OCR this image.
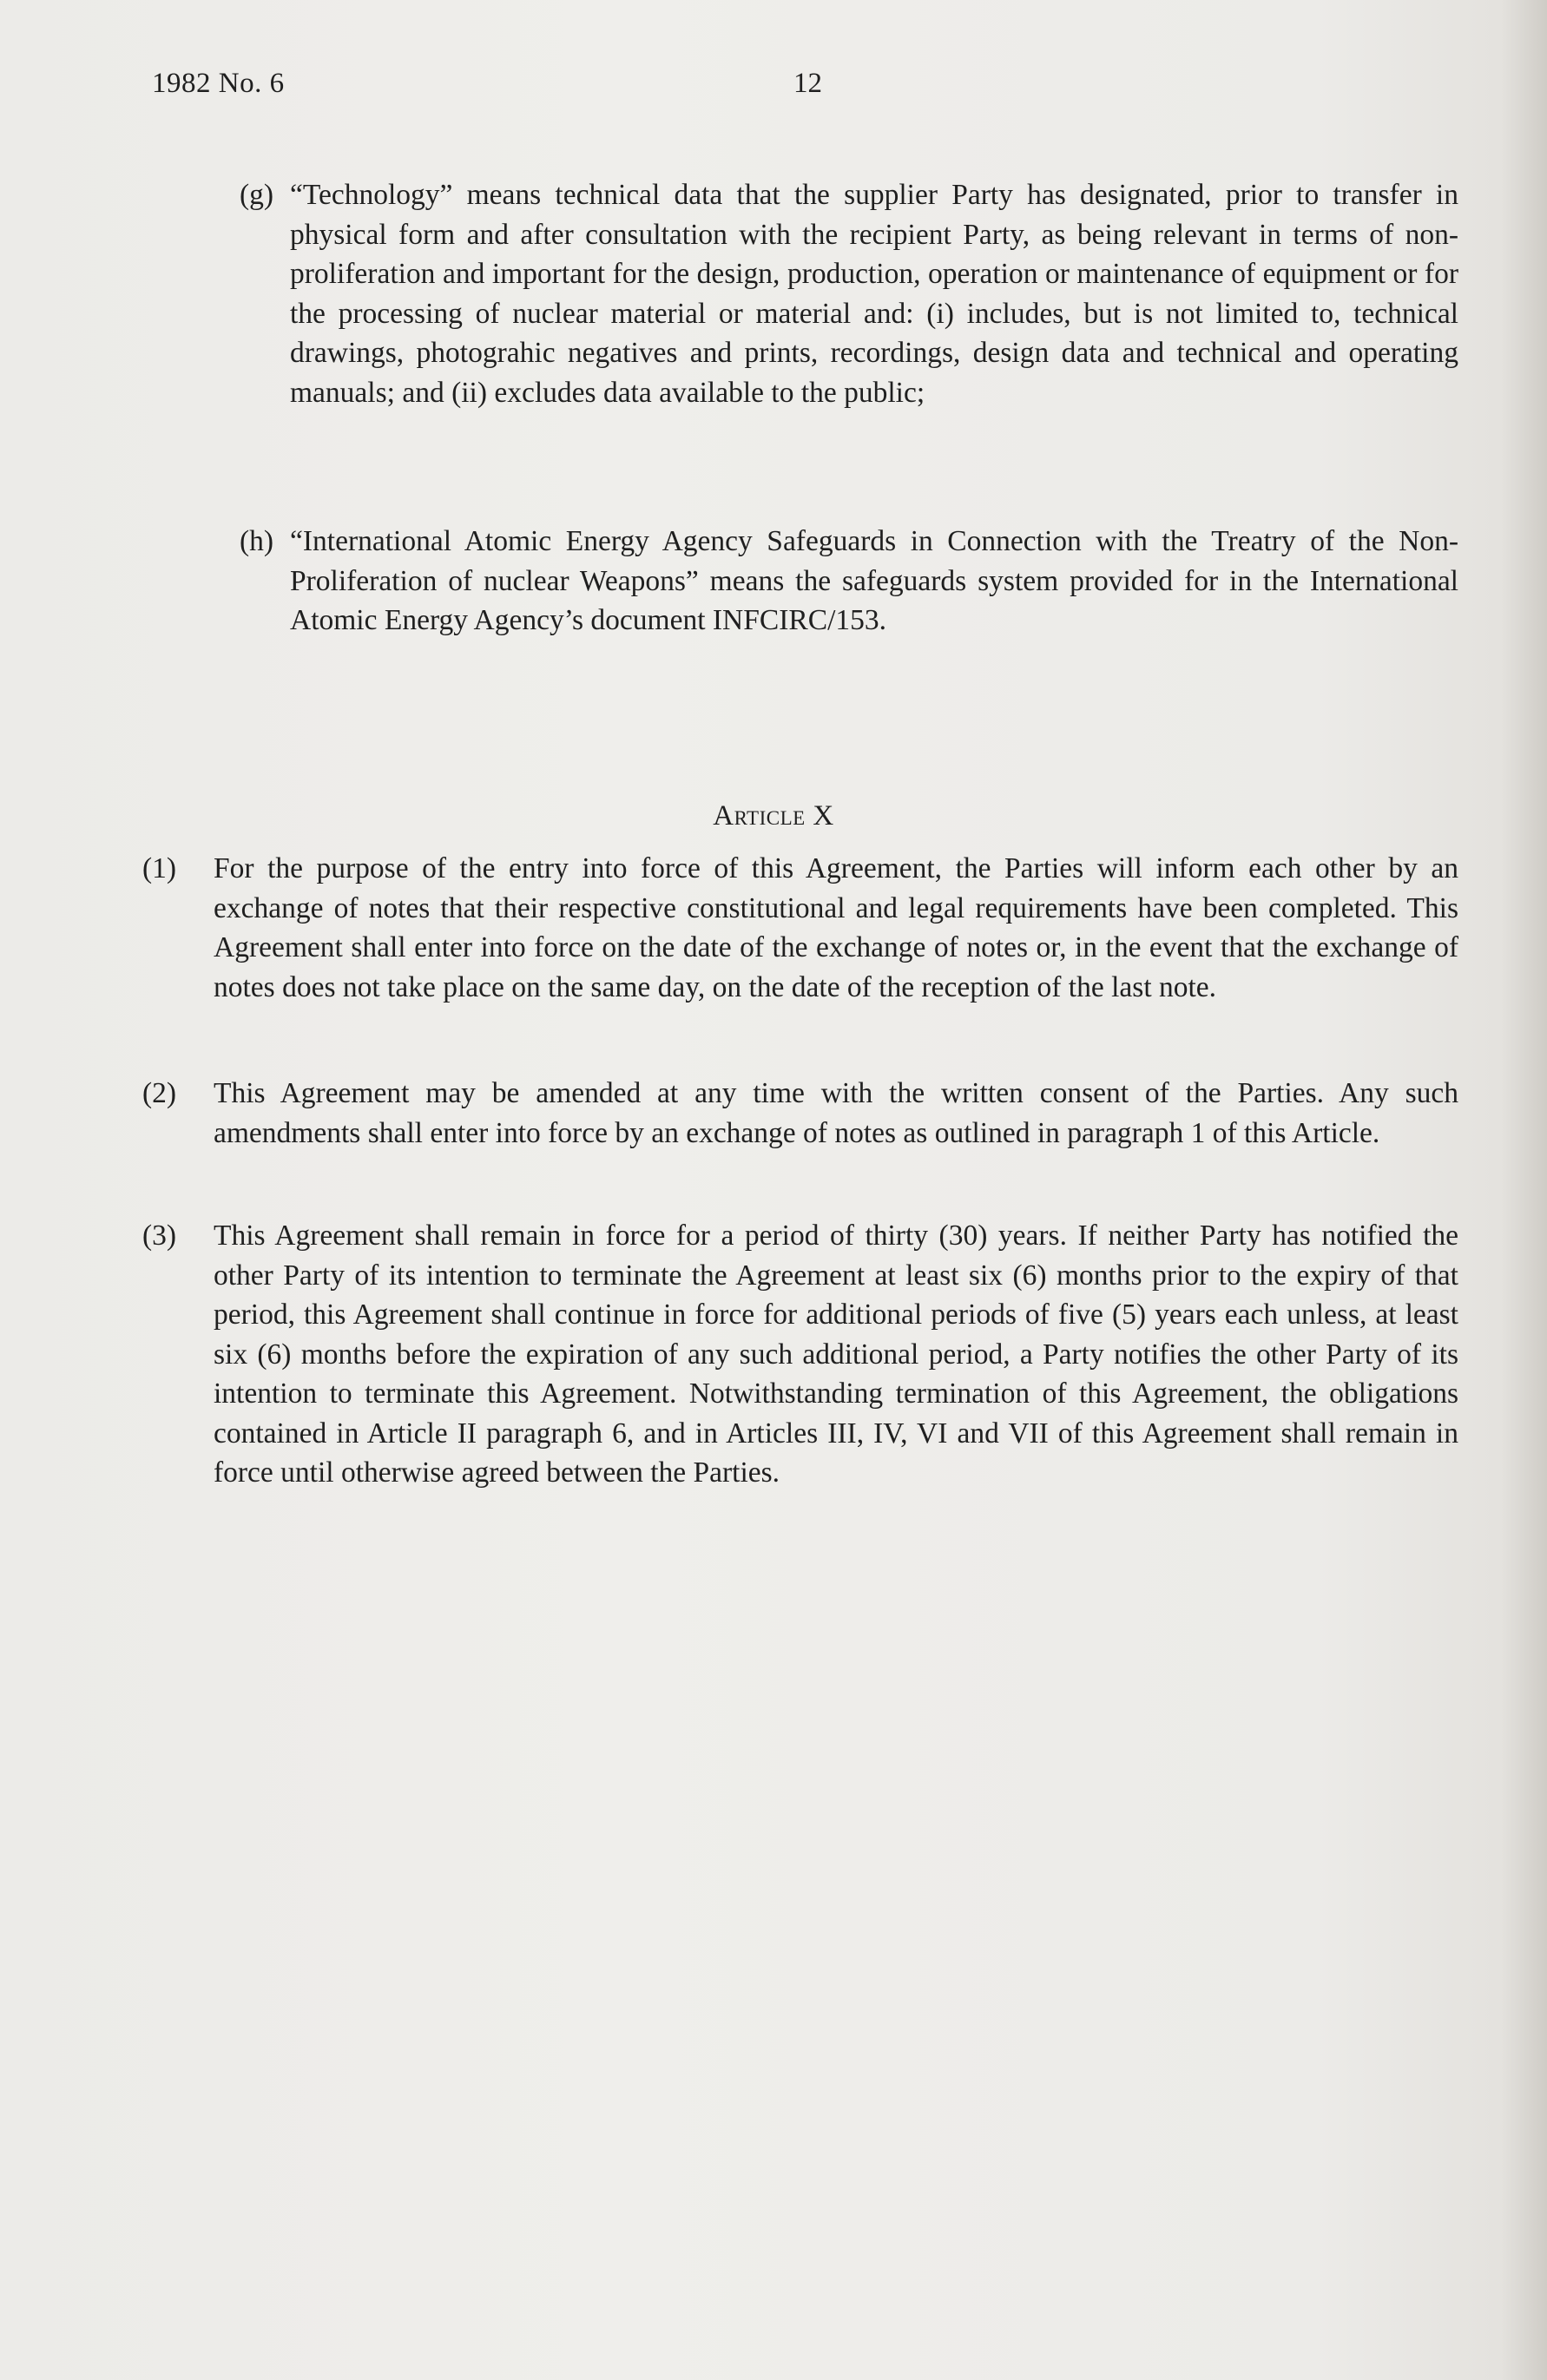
1982 No. 6	12
(g) “Technology” means technical data that the supplier Party has designated, prior to transfer in physical form and after consultation with the recipient Party, as being relevant in terms of non-proliferation and important for the design, production, operation or maintenance of equipment or for the processing of nuclear material or material and: (i) includes, but is not limited to, technical drawings, photograhic negatives and prints, recordings, design data and technical and operating manuals; and (ii) excludes data available to the public;
(h) “International Atomic Energy Agency Safeguards in Connection with the Treatry of the Non-Proliferation of nuclear Weapons” means the safeguards system provided for in the International Atomic Energy Agency’s document INFCIRC/153.
Article X
(1) For the purpose of the entry into force of this Agreement, the Parties will inform each other by an exchange of notes that their respective constitutional and legal requirements have been completed. This Agreement shall enter into force on the date of the exchange of notes or, in the event that the exchange of notes does not take place on the same day, on the date of the reception of the last note.
(2) This Agreement may be amended at any time with the written consent of the Parties. Any such amendments shall enter into force by an exchange of notes as outlined in paragraph 1 of this Article.
(3) This Agreement shall remain in force for a period of thirty (30) years. If neither Party has notified the other Party of its intention to terminate the Agreement at least six (6) months prior to the expiry of that period, this Agreement shall continue in force for additional periods of five (5) years each unless, at least six (6) months before the expiration of any such additional period, a Party notifies the other Party of its intention to terminate this Agreement. Notwithstanding termination of this Agreement, the obligations contained in Article II paragraph 6, and in Articles III, IV, VI and VII of this Agreement shall remain in force until otherwise agreed between the Parties.
